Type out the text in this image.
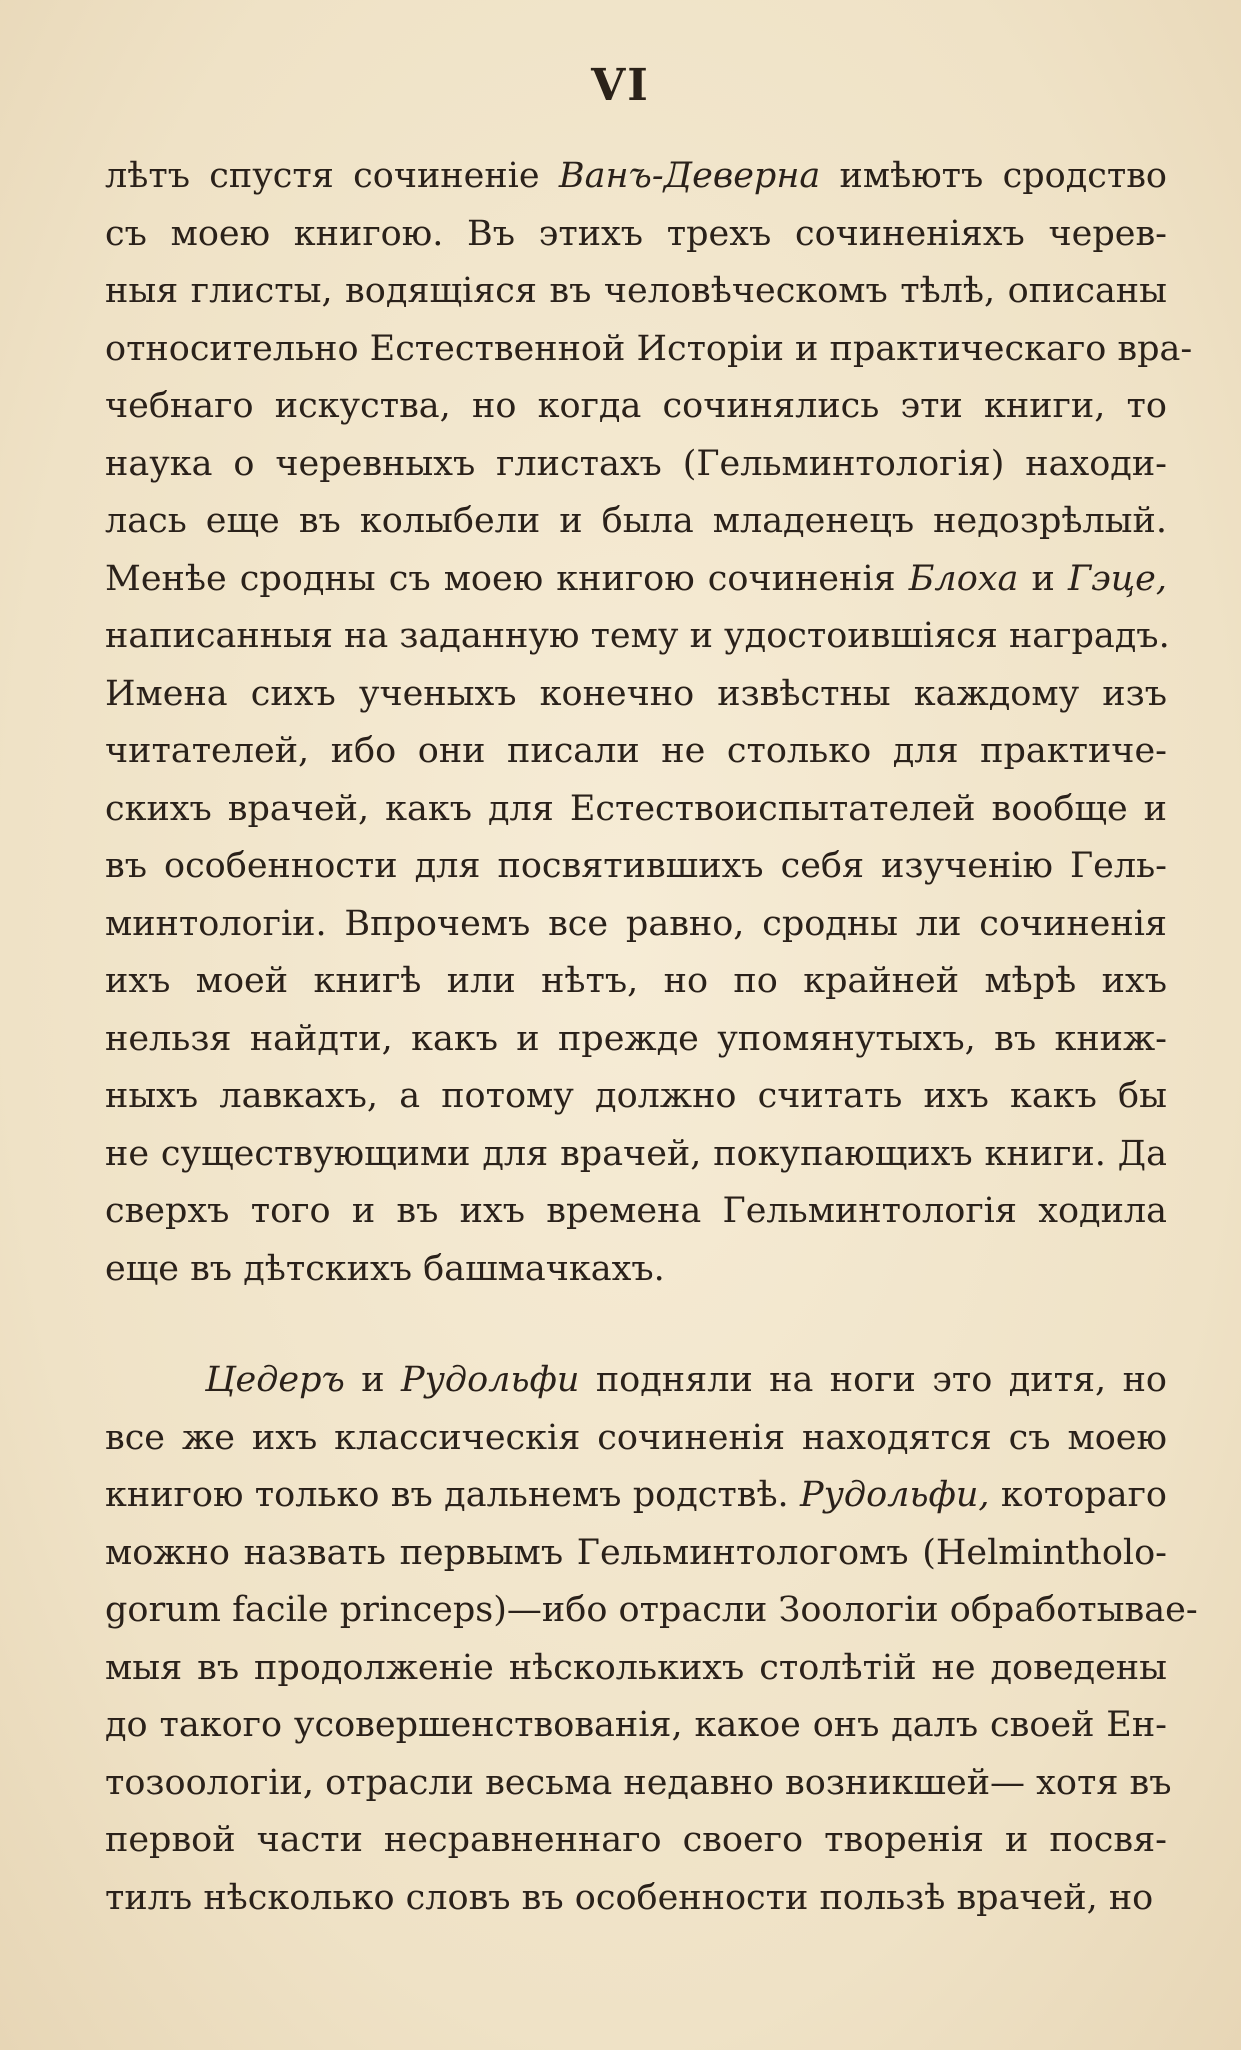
VI
лѣтъ спустя сочиненіе Ванъ-Деверна имѣютъ сродство
съ моею книгою. Въ этихъ трехъ сочиненіяхъ черев-
ныя глисты, водящіяся въ человѣческомъ тѣлѣ, описаны
относительно Естественной Исторіи и практическаго вра-
чебнаго искуства, но когда сочинялись эти книги, то
наука о черевныхъ глистахъ (Гельминтологія) находи-
лась еще въ колыбели и была младенецъ недозрѣлый.
Менѣе сродны съ моею книгою сочиненія Блоха и Гэце,
написанныя на заданную тему и удостоившіяся наградъ.
Имена сихъ ученыхъ конечно извѣстны каждому изъ
читателей, ибо они писали не столько для практиче-
скихъ врачей, какъ для Естествоиспытателей вообще и
въ особенности для посвятившихъ себя изученію Гель-
минтологіи. Впрочемъ все равно, сродны ли сочиненія
ихъ моей книгѣ или нѣтъ, но по крайней мѣрѣ ихъ
нельзя найдти, какъ и прежде упомянутыхъ, въ книж-
ныхъ лавкахъ, а потому должно считать ихъ какъ бы
не существующими для врачей, покупающихъ книги. Да
сверхъ того и въ ихъ времена Гельминтологія ходила
еще въ дѣтскихъ башмачкахъ.
Цедеръ и Рудольфи подняли на ноги это дитя, но
все же ихъ классическія сочиненія находятся съ моею
книгою только въ дальнемъ родствѣ. Рудольфи, котораго
можно назвать первымъ Гельминтологомъ (Helmintholo-
gorum facile princeps)—ибо отрасли Зоологіи обработывае-
мыя въ продолженіе нѣсколькихъ столѣтій не доведены
до такого усовершенствованія, какое онъ далъ своей Ен-
тозоологіи, отрасли весьма недавно возникшей— хотя въ
первой части несравненнаго своего творенія и посвя-
тилъ нѣсколько словъ въ особенности пользѣ врачей, но
